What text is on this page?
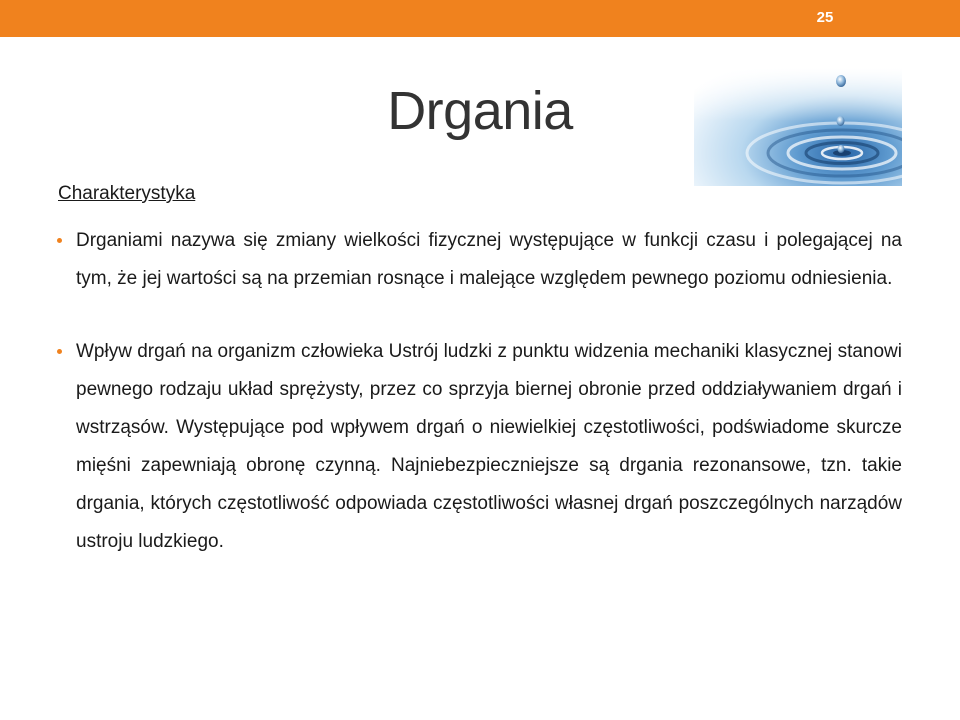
25
Drgania
Charakterystyka
Drganiami nazywa się zmiany wielkości fizycznej występujące w funkcji czasu i polegającej na tym, że jej wartości są na przemian rosnące i malejące względem pewnego poziomu odniesienia.
Wpływ drgań na organizm człowieka Ustrój ludzki z punktu widzenia mechaniki klasycznej stanowi pewnego rodzaju układ sprężysty, przez co sprzyja biernej obronie przed oddziaływaniem drgań i wstrząsów. Występujące pod wpływem drgań o niewielkiej częstotliwości, podświadome skurcze mięśni zapewniają obronę czynną. Najniebezpieczniejsze są drgania rezonansowe, tzn. takie drgania, których częstotliwość odpowiada częstotliwości własnej drgań poszczególnych narządów ustroju ludzkiego.
